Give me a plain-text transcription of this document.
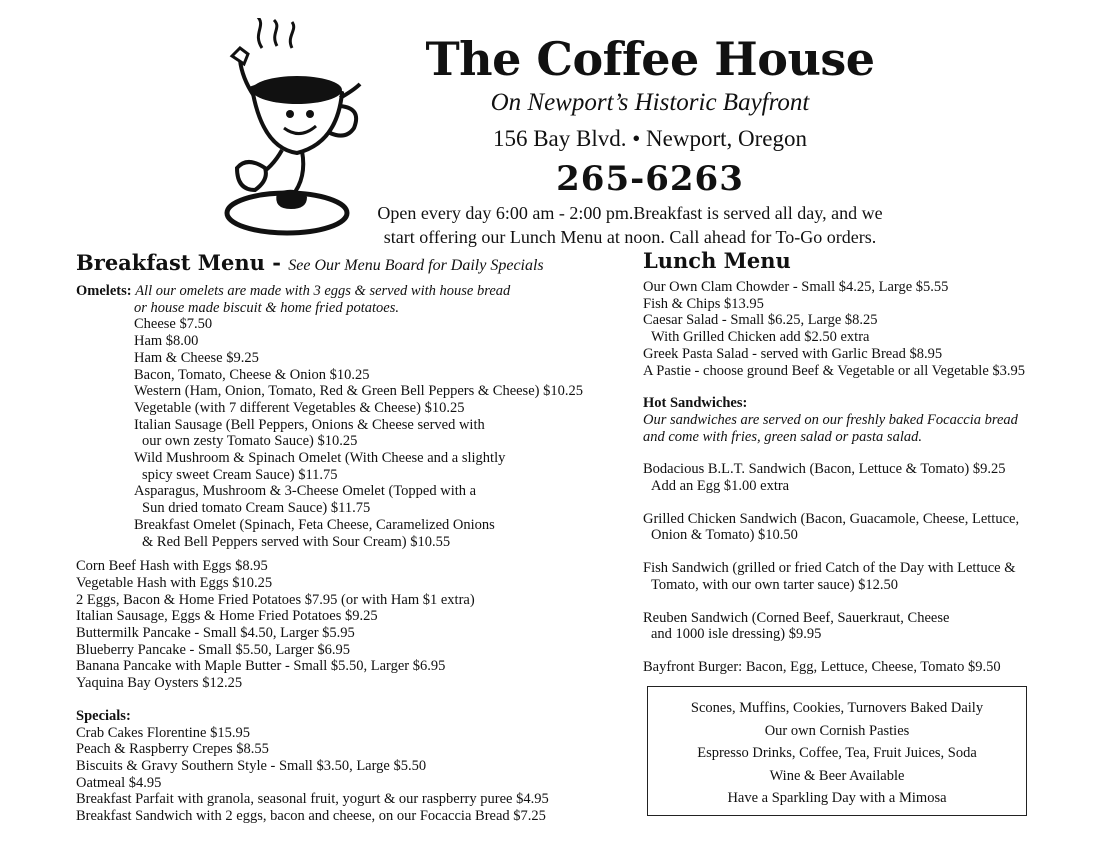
The Coffee House
On Newport’s Historic Bayfront
156 Bay Blvd. • Newport, Oregon
265-6263
Open every day 6:00 am - 2:00 pm.Breakfast is served all day, and we
start offering our Lunch Menu at noon. Call ahead for To-Go orders.
Breakfast Menu - See Our Menu Board for Daily Specials
Omelets: All our omelets are made with 3 eggs & served with house bread
or house made biscuit & home fried potatoes.
Cheese $7.50
Ham $8.00
Ham & Cheese $9.25
Bacon, Tomato, Cheese & Onion $10.25
Western (Ham, Onion, Tomato, Red & Green Bell Peppers & Cheese) $10.25
Vegetable (with 7 different Vegetables & Cheese) $10.25
Italian Sausage (Bell Peppers, Onions & Cheese served with
our own zesty Tomato Sauce) $10.25
Wild Mushroom & Spinach Omelet (With Cheese and a slightly
spicy sweet Cream Sauce) $11.75
Asparagus, Mushroom & 3-Cheese Omelet (Topped with a
Sun dried tomato Cream Sauce) $11.75
Breakfast Omelet (Spinach, Feta Cheese, Caramelized Onions
& Red Bell Peppers served with Sour Cream) $10.55
Corn Beef Hash with Eggs $8.95
Vegetable Hash with Eggs $10.25
2 Eggs, Bacon & Home Fried Potatoes $7.95 (or with Ham $1 extra)
Italian Sausage, Eggs & Home Fried Potatoes $9.25
Buttermilk Pancake - Small $4.50, Larger $5.95
Blueberry Pancake - Small $5.50, Larger $6.95
Banana Pancake with Maple Butter - Small $5.50, Larger $6.95
Yaquina Bay Oysters $12.25
Specials:
Crab Cakes Florentine $15.95
Peach & Raspberry Crepes $8.55
Biscuits & Gravy Southern Style - Small $3.50, Large $5.50
Oatmeal $4.95
Breakfast Parfait with granola, seasonal fruit, yogurt & our raspberry puree $4.95
Breakfast Sandwich with 2 eggs, bacon and cheese, on our Focaccia Bread $7.25
Lunch Menu
Our Own Clam Chowder - Small $4.25, Large $5.55
Fish & Chips $13.95
Caesar Salad - Small $6.25, Large $8.25
With Grilled Chicken add $2.50 extra
Greek Pasta Salad - served with Garlic Bread $8.95
A Pastie - choose ground Beef & Vegetable or all Vegetable $3.95
Hot Sandwiches:
Our sandwiches are served on our freshly baked Focaccia bread
and come with fries, green salad or pasta salad.
Bodacious B.L.T. Sandwich (Bacon, Lettuce & Tomato) $9.25
Add an Egg $1.00 extra
Grilled Chicken Sandwich (Bacon, Guacamole, Cheese, Lettuce,
Onion & Tomato) $10.50
Fish Sandwich (grilled or fried Catch of the Day with Lettuce &
Tomato, with our own tarter sauce) $12.50
Reuben Sandwich (Corned Beef, Sauerkraut, Cheese
and 1000 isle dressing) $9.95
Bayfront Burger: Bacon, Egg, Lettuce, Cheese, Tomato $9.50
Scones, Muffins, Cookies, Turnovers Baked Daily
Our own Cornish Pasties
Espresso Drinks, Coffee, Tea, Fruit Juices, Soda
Wine & Beer Available
Have a Sparkling Day with a Mimosa
